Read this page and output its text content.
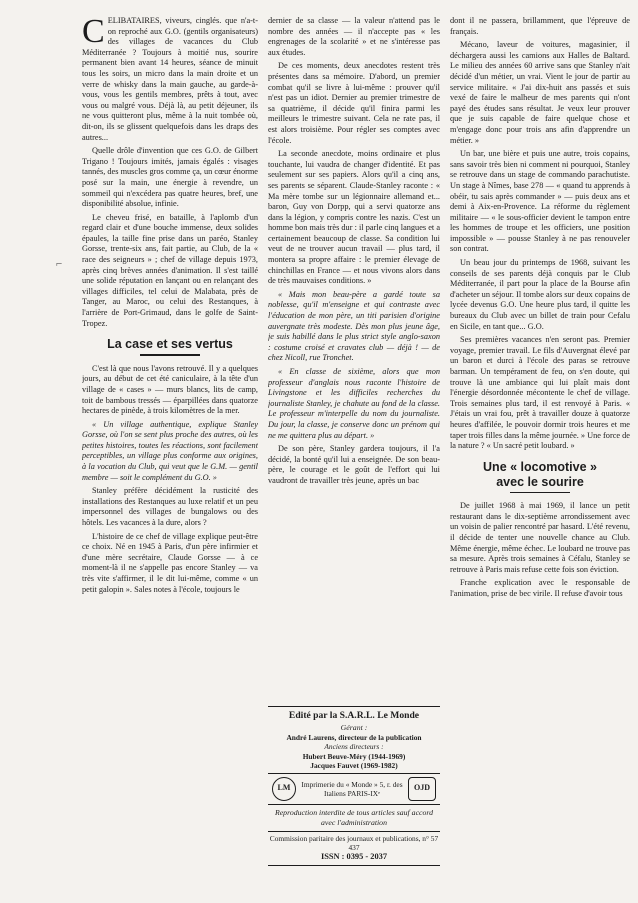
⌐

CELIBATAIRES, viveurs, cinglés. que n'a-t-on reproché aux G.O. (gentils organisateurs) des villages de vacances du Club Méditerranée ? Toujours à moitié nus, sourire permanent bien avant 14 heures, séance de minuit tous les soirs, un micro dans la main droite et un verre de whisky dans la main gauche, au garde-à-vous, vous les gentils membres, prêts à tout, avec vous ou malgré vous. Déjà là, au petit déjeuner, ils ne vous quitteront plus, même à la nuit tombée où, dit-on, ils se glissent quelquefois dans les draps des autres...

Quelle drôle d'invention que ces G.O. de Gilbert Trigano ! Toujours imités, jamais égalés : visages tannés, des muscles gros comme ça, un cœur énorme posé sur la main, une énergie à revendre, un sommeil qui n'excédera pas quatre heures, bref, une disponibilité absolue, infinie.

Le cheveu frisé, en bataille, à l'aplomb d'un regard clair et d'une bouche immense, deux solides épaules, la taille fine prise dans un paréo, Stanley Gorsse, trente-six ans, fait partie, au Club, de la « race des seigneurs » ; chef de village depuis 1973, après cinq brèves années d'animation. Il s'est taillé une solide réputation en lançant ou en relançant des villages difficiles, tel celui de Malabata, près de Tanger, au Maroc, ou celui des Restanques, à l'arrière de Port-Grimaud, dans le golfe de Saint-Tropez.

La case et ses vertus

C'est là que nous l'avons retrouvé. Il y a quelques jours, au début de cet été caniculaire, à la tête d'un village de « cases » — murs blancs, lits de camp, toit de bambous tressés — éparpillées dans quatorze hectares de pinède, à trois kilomètres de la mer.

« Un village authentique, explique Stanley Gorsse, où l'on se sent plus proche des autres, où les petites histoires, toutes les réactions, sont facilement perceptibles, un village plus conforme aux origines, à la vocation du Club, qui veut que le G.M. — gentil membre — soit le complément du G.O. »

Stanley préfère décidément la rusticité des installations des Restanques au luxe relatif et un peu impersonnel des villages de bungalows ou des hôtels. Les vacances à la dure, alors ?

L'histoire de ce chef de village explique peut-être ce choix. Né en 1945 à Paris, d'un père infirmier et d'une mère secrétaire, Claude Gorsse — à ce moment-là il ne s'appelle pas encore Stanley — va très vite s'affirmer, il le dit lui-même, comme « un petit galopin ». Sales notes à l'école, toujours le

dernier de sa classe — la valeur n'attend pas le nombre des années — il n'accepte pas « les engrenages de la scolarité » et ne s'intéresse pas aux études.

De ces moments, deux anecdotes restent très présentes dans sa mémoire. D'abord, un premier combat qu'il se livre à lui-même : prouver qu'il n'est pas un idiot. Dernier au premier trimestre de sa quatrième, il décide qu'il finira parmi les meilleurs le trimestre suivant. Cela ne rate pas, il est alors troisième. Pour régler ses comptes avec l'école.

La seconde anecdote, moins ordinaire et plus touchante, lui vaudra de changer d'identité. Et pas seulement sur ses papiers. Alors qu'il a cinq ans, ses parents se séparent. Claude-Stanley raconte : « Ma mère tombe sur un légionnaire allemand et... baron, Guy von Dorpp, qui a servi quatorze ans dans la légion, y compris contre les nazis. C'est un homme bon mais très dur : il parle cinq langues et a certainement beaucoup de classe. Sa condition lui veut de ne trouver aucun travail — plus tard, il montera sa propre affaire : le premier élevage de chinchillas en France — et nous vivons alors dans de très mauvaises conditions. »

« Mais mon beau-père a gardé toute sa noblesse, qu'il m'enseigne et qui contraste avec l'éducation de mon père, un titi parisien d'origine auvergnate très modeste. Dès mon plus jeune âge, je suis habillé dans le plus strict style anglo-saxon : costume croisé et cravates club — déjà ! — de chez Nicoll, rue Tronchet.

« En classe de sixième, alors que mon professeur d'anglais nous raconte l'histoire de Livingstone et les difficiles recherches du journaliste Stanley, je chahute au fond de la classe. Le professeur m'interpelle du nom du journaliste. Du jour, la classe, je conserve donc un prénom qui ne me quittera plus au départ. »

De son père, Stanley gardera toujours, il l'a décidé, la bonté qu'il lui a enseignée. De son beau-père, le courage et le goût de l'effort qui lui vaudront de travailler très jeune, après un bac

Edité par la S.A.R.L. Le Monde
Gérant :
André Laurens, directeur de la publication
Anciens directeurs :
Hubert Beuve-Méry (1944-1969)
Jacques Fauvet (1969-1982)
LM	Imprimerie du « Monde » 5, r. des Italiens PARIS-IXᵉ
OJD
Reproduction interdite de tous articles sauf accord avec l'administration
Commission paritaire des journaux et publications, n° 57 437
ISSN : 0395 - 2037

dont il ne passera, brillamment, que l'épreuve de français.

Mécano, laveur de voitures, magasinier, il déchargera aussi les camions aux Halles de Baltard. Le milieu des années 60 arrive sans que Stanley n'ait décidé d'un métier, un vrai. Vient le jour de partir au service militaire. « J'ai dix-huit ans passés et suis vexé de faire le malheur de mes parents qui n'ont payé des études sans résultat. Je veux leur prouver que je suis capable de faire quelque chose et m'engage donc pour trois ans afin d'apprendre un métier. »

Un bar, une bière et puis une autre, trois copains, sans savoir très bien ni comment ni pourquoi, Stanley se retrouve dans un stage de commando parachutiste. Un stage à Nîmes, base 278 — « quand tu apprends à obéir, tu sais après commander » — puis deux ans et demi à Aix-en-Provence. La réforme du règlement militaire — « le sous-officier devient le tampon entre les hommes de troupe et les officiers, une position impossible » — pousse Stanley à ne pas renouveler son contrat.

Un beau jour du printemps de 1968, suivant les conseils de ses parents déjà conquis par le Club Méditerranée, il part pour la place de la Bourse afin d'acheter un séjour. Il tombe alors sur deux copains de lycée devenus G.O. Une heure plus tard, il quitte les bureaux du Club avec un billet de train pour Cefalu en Sicile, en tant que... G.O.

Ses premières vacances n'en seront pas. Premier voyage, premier travail. Le fils d'Auvergnat élevé par un baron et durci à l'école des paras se retrouve barman. Un tempérament de feu, on s'en doute, qui trouve là une ambiance qui lui plaît mais dont l'énergie désordonnée mécontente le chef de village. Trois semaines plus tard, il est renvoyé à Paris. « J'étais un vrai fou, prêt à travailler douze à quatorze heures d'affilée, le pouvoir dormir trois heures et me taper trois filles dans la même journée. » Une force de la nature ? « Un sacré petit loubard. »

Une « locomotive »
avec le sourire

De juillet 1968 à mai 1969, il lance un petit restaurant dans le dix-septième arrondissement avec un voisin de palier rencontré par hasard. L'été revenu, il décide de tenter une nouvelle chance au Club. Même énergie, même échec. Le loubard ne trouve pas sa mesure. Après trois semaines à Céfalu, Stanley se retrouve à Paris mais refuse cette fois son éviction.

Franche explication avec le responsable de l'animation, prise de bec virile. Il refuse d'avoir tous
